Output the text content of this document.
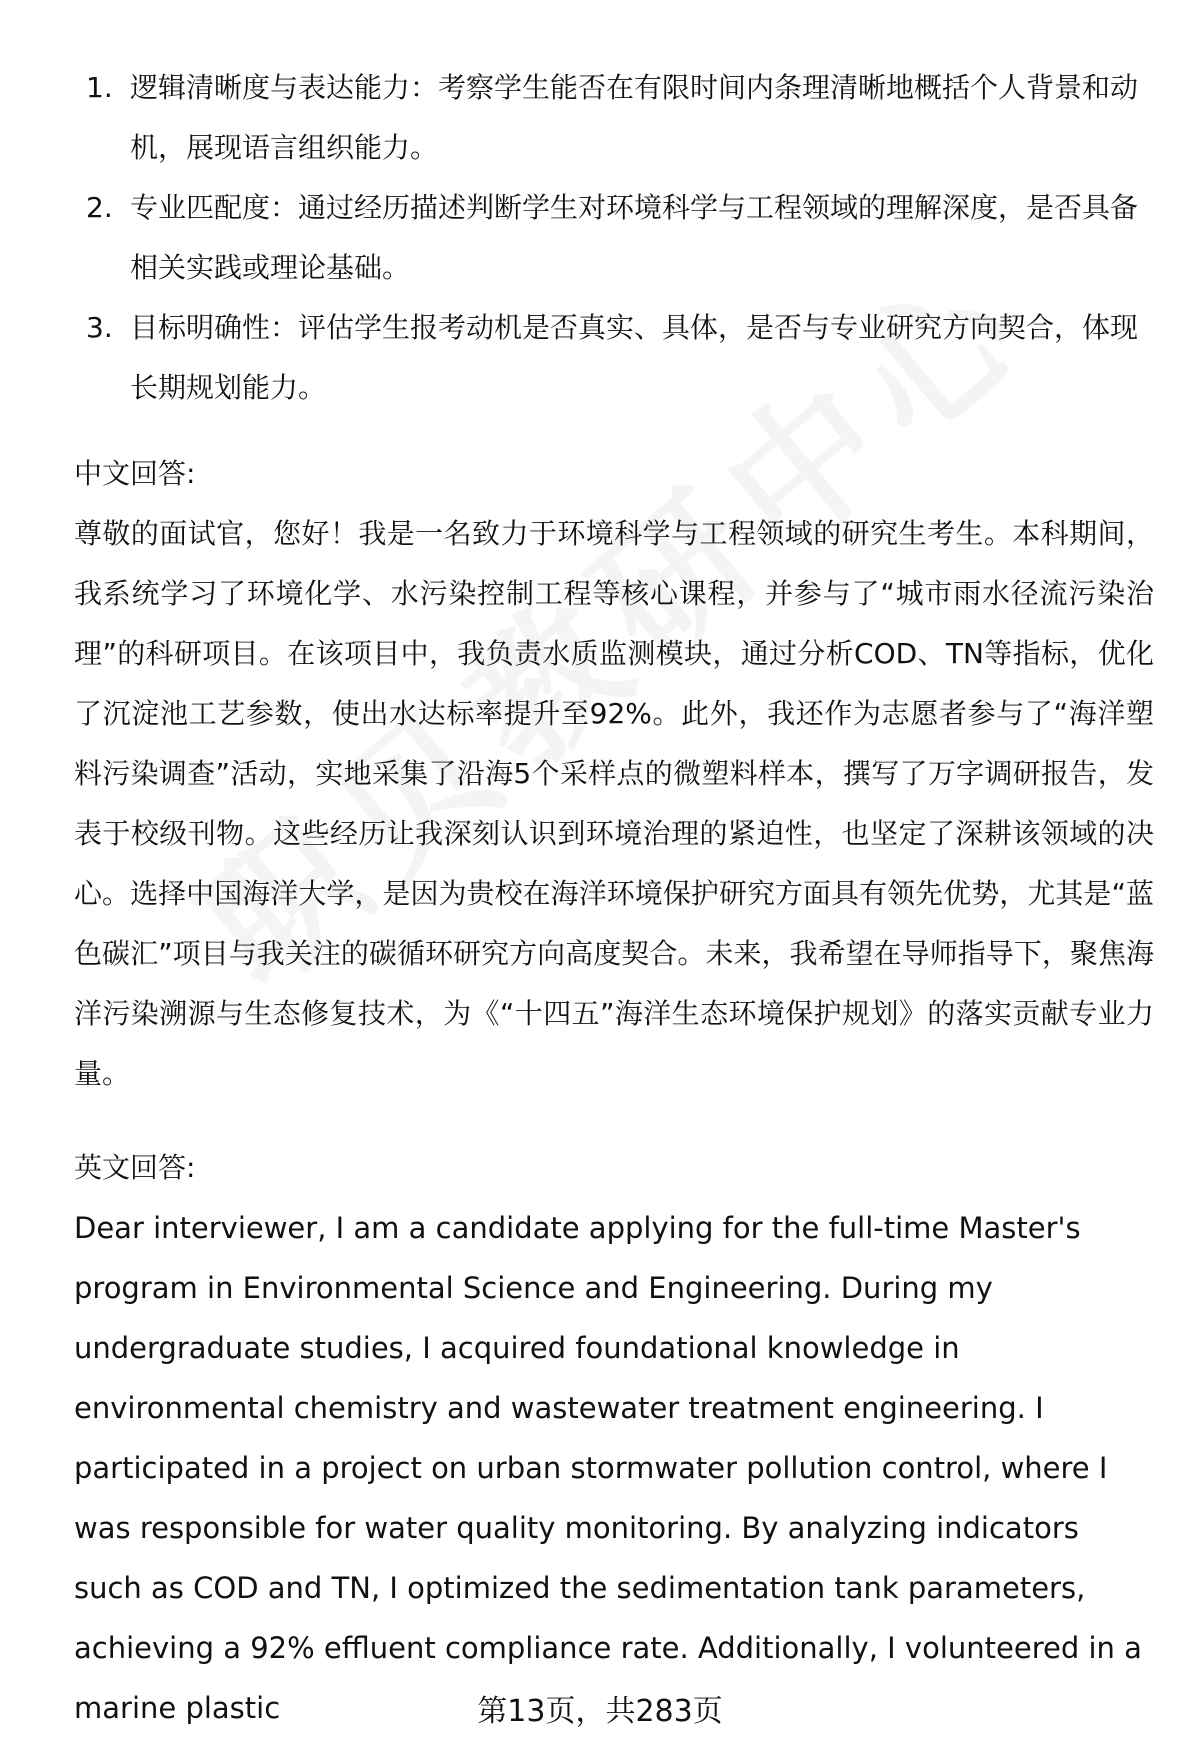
1. 逻辑清晰度与表达能力：考察学生能否在有限时间内条理清晰地概括个人背景和动机，展现语言组织能力。
2. 专业匹配度：通过经历描述判断学生对环境科学与工程领域的理解深度，是否具备相关实践或理论基础。
3. 目标明确性：评估学生报考动机是否真实、具体，是否与专业研究方向契合，体现长期规划能力。
中文回答:

尊敬的面试官，您好！我是一名致力于环境科学与工程领域的研究生考生。本科期间，我系统学习了环境化学、水污染控制工程等核心课程，并参与了“城市雨水径流污染治理”的科研项目。在该项目中，我负责水质监测模块，通过分析COD、TN等指标，优化了沉淀池工艺参数，使出水达标率提升至92%。此外，我还作为志愿者参与了“海洋塑料污染调查”活动，实地采集了沿海5个采样点的微塑料样本，撰写了万字调研报告，发表于校级刊物。这些经历让我深刻认识到环境治理的紧迫性，也坚定了深耕该领域的决心。选择中国海洋大学，是因为贵校在海洋环境保护研究方面具有领先优势，尤其是“蓝色碳汇”项目与我关注的碳循环研究方向高度契合。未来，我希望在导师指导下，聚焦海洋污染溯源与生态修复技术，为《“十四五”海洋生态环境保护规划》的落实贡献专业力量。

英文回答:

Dear interviewer, I am a candidate applying for the full-time Master's program in Environmental Science and Engineering. During my undergraduate studies, I acquired foundational knowledge in environmental chemistry and wastewater treatment engineering. I participated in a project on urban stormwater pollution control, where I was responsible for water quality monitoring. By analyzing indicators such as COD and TN, I optimized the sedimentation tank parameters, achieving a 92% effluent compliance rate. Additionally, I volunteered in a marine plastic	第13页，共283页
